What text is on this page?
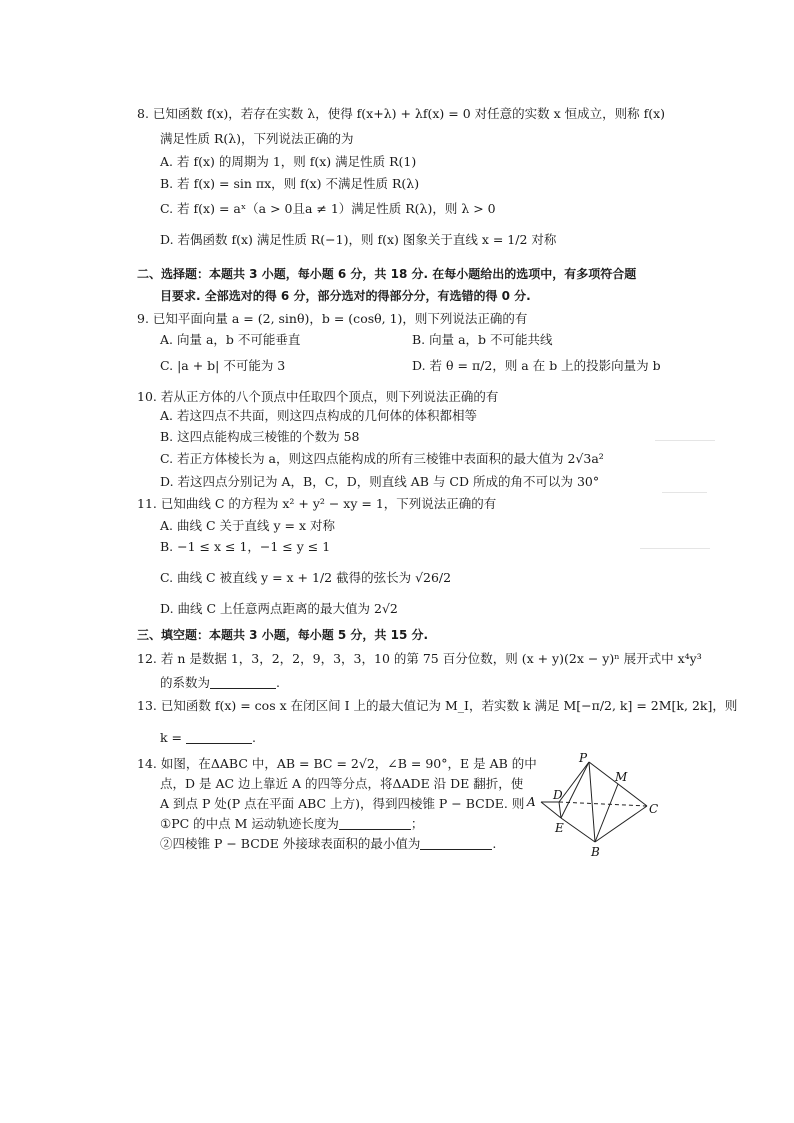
8. 已知函数 f(x)，若存在实数 λ，使得 f(x+λ) + λf(x) = 0 对任意的实数 x 恒成立，则称 f(x)
满足性质 R(λ)，下列说法正确的为
A. 若 f(x) 的周期为 1，则 f(x) 满足性质 R(1)
B. 若 f(x) = sin πx，则 f(x) 不满足性质 R(λ)
C. 若 f(x) = aˣ（a > 0且a ≠ 1）满足性质 R(λ)，则 λ > 0
D. 若偶函数 f(x) 满足性质 R(−1)，则 f(x) 图象关于直线 x = 1/2 对称
二、选择题：本题共 3 小题，每小题 6 分，共 18 分. 在每小题给出的选项中，有多项符合题
目要求. 全部选对的得 6 分，部分选对的得部分分，有选错的得 0 分.
9. 已知平面向量 a = (2, sinθ)，b = (cosθ, 1)，则下列说法正确的有
A. 向量 a，b 不可能垂直	B. 向量 a，b 不可能共线
C. |a + b| 不可能为 3	D. 若 θ = π/2，则 a 在 b 上的投影向量为 b
10. 若从正方体的八个顶点中任取四个顶点，则下列说法正确的有
A. 若这四点不共面，则这四点构成的几何体的体积都相等
B. 这四点能构成三棱锥的个数为 58
C. 若正方体棱长为 a，则这四点能构成的所有三棱锥中表面积的最大值为 2√3a²
D. 若这四点分别记为 A，B，C，D，则直线 AB 与 CD 所成的角不可以为 30°
11. 已知曲线 C 的方程为 x² + y² − xy = 1，下列说法正确的有
A. 曲线 C 关于直线 y = x 对称
B. −1 ≤ x ≤ 1，−1 ≤ y ≤ 1
C. 曲线 C 被直线 y = x + 1/2 截得的弦长为 √26/2
D. 曲线 C 上任意两点距离的最大值为 2√2
三、填空题：本题共 3 小题，每小题 5 分，共 15 分.
12. 若 n 是数据 1，3，2，2，9，3，3，10 的第 75 百分位数，则 (x + y)(2x − y)ⁿ 展开式中 x⁴y³
的系数为	.
13. 已知函数 f(x) = cos x 在闭区间 I 上的最大值记为 M_I，若实数 k 满足 M[−π/2, k] = 2M[k, 2k]，则
k =	.
14. 如图，在ΔABC 中，AB = BC = 2√2，∠B = 90°，E 是 AB 的中
点，D 是 AC 边上靠近 A 的四等分点，将ΔADE 沿 DE 翻折，使
A 到点 P 处(P 点在平面 ABC 上方)，得到四棱锥 P − BCDE. 则
①PC 的中点 M 运动轨迹长度为	；
②四棱锥 P − BCDE 外接球表面积的最小值为	.
P
M
A D
C
E
B
